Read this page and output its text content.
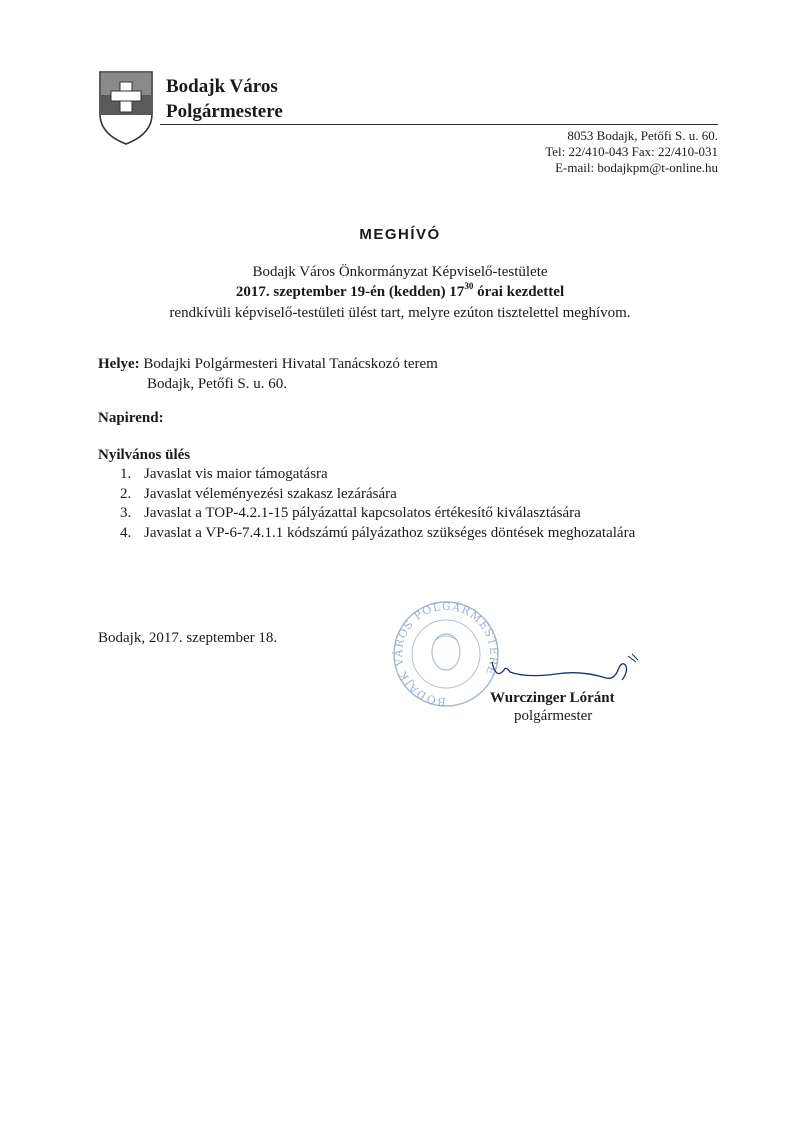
Bodajk Város
Polgármestere
8053 Bodajk, Petőfi S. u. 60.
Tel: 22/410-043 Fax: 22/410-031
E-mail: bodajkpm@t-online.hu
MEGHÍVÓ
Bodajk Város Önkormányzat Képviselő-testülete
2017. szeptember 19-én (kedden) $17^{30}$ órai kezdettel
rendkívüli képviselő-testületi ülést tart, melyre ezúton tisztelettel meghívom.
Helye: Bodajki Polgármesteri Hivatal Tanácskozó terem
Bodajk, Petőfi S. u. 60.
Napirend:
Nyilvános ülés
1. Javaslat vis maior támogatásra
2. Javaslat véleményezési szakasz lezárására
3. Javaslat a TOP-4.2.1-15 pályázattal kapcsolatos értékesítő kiválasztására
4. Javaslat a VP-6-7.4.1.1 kódszámú pályázathoz szükséges döntések meghozatalára
Bodajk, 2017. szeptember 18.
BODAJK VÁROS POLGÁRMESTERE
Wurczinger Lóránt
polgármester
